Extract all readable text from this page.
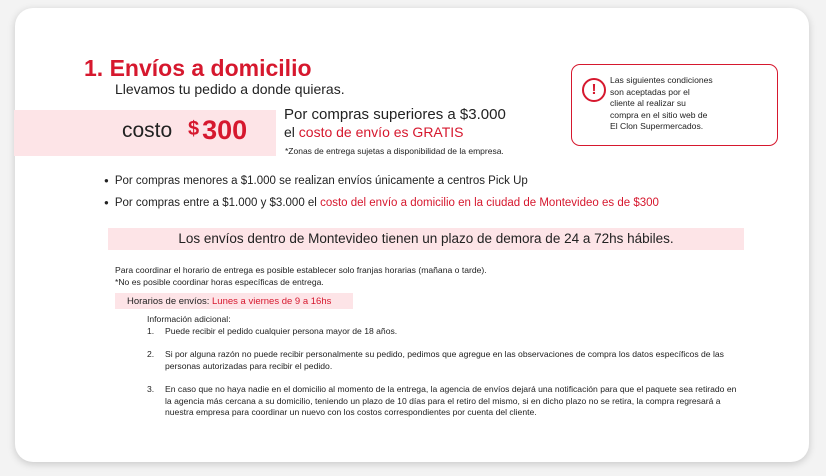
1. Envíos a domicilio
Llevamos tu pedido a donde quieras.
costo $ 300
Por compras superiores a $3.000
el costo de envío es GRATIS
*Zonas de entrega sujetas a disponibilidad de la empresa.
!
Las siguientes condiciones
son aceptadas por el
cliente al realizar su
compra en el sitio web de
El Clon Supermercados.
● Por compras menores a $1.000 se realizan envíos únicamente a centros Pick Up
● Por compras entre a $1.000 y $3.000 el costo del envío a domicilio en la ciudad de Montevideo es de $300
Los envíos dentro de Montevideo tienen un plazo de demora de 24 a 72hs hábiles.
Para coordinar el horario de entrega es posible establecer solo franjas horarias (mañana o tarde).
*No es posible coordinar horas específicas de entrega.
Horarios de envíos: Lunes a viernes de 9 a 16hs
Información adicional:
1. Puede recibir el pedido cualquier persona mayor de 18 años.
2. Si por alguna razón no puede recibir personalmente su pedido, pedimos que agregue en las observaciones de compra los datos específicos de las personas autorizadas para recibir el pedido.
3. En caso que no haya nadie en el domicilio al momento de la entrega, la agencia de envíos dejará una notificación para que el paquete sea retirado en la agencia más cercana a su domicilio, teniendo un plazo de 10 días para el retiro del mismo, si en dicho plazo no se retira, la compra regresará a nuestra empresa para coordinar un nuevo con los costos correspondientes por cuenta del cliente.
